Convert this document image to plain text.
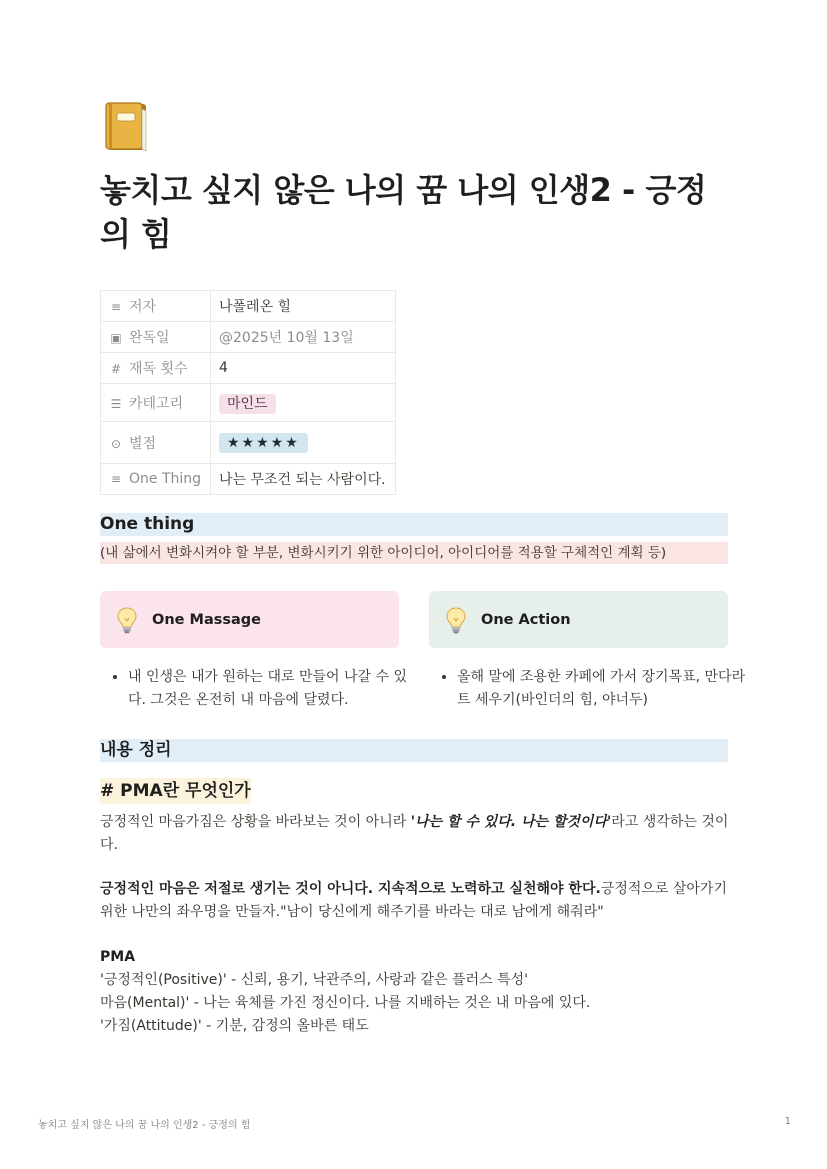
놓치고 싶지 않은 나의 꿈 나의 인생2 - 긍정의 힘
≡ 저자	나폴레온 힐
▣ 완독일	@2025년 10월 13일
# 재독 횟수	4
☰ 카테고리	마인드
⊙ 별점	★★★★★
≡ One Thing	나는 무조건 되는 사람이다.
One thing
(내 삶에서 변화시켜야 할 부분, 변화시키기 위한 아이디어, 아이디어를 적용할 구체적인 계획 등)
One Massage	One Action
• 내 인생은 내가 원하는 대로 만들어 나갈 수 있다. 그것은 온전히 내 마음에 달렸다.
• 올해 말에 조용한 카페에 가서 장기목표, 만다라트 세우기(바인더의 힘, 야너두)
내용 정리
# PMA란 무엇인가

긍정적인 마음가짐은 상황을 바라보는 것이 아니라 '나는 할 수 있다. 나는 할것이다'라고 생각하는 것이다.

긍정적인 마음은 저절로 생기는 것이 아니다. 지속적으로 노력하고 실천해야 한다.긍정적으로 살아가기 위한 나만의 좌우명을 만들자."남이 당신에게 해주기를 바라는 대로 남에게 해줘라"

PMA
'긍정적인(Positive)' - 신뢰, 용기, 낙관주의, 사랑과 같은 플러스 특성'
마음(Mental)' - 나는 육체를 가진 정신이다. 나를 지배하는 것은 내 마음에 있다.
'가짐(Attitude)' - 기분, 감정의 올바른 태도

놓치고 싶지 않은 나의 꿈 나의 인생2 - 긍정의 힘	1
